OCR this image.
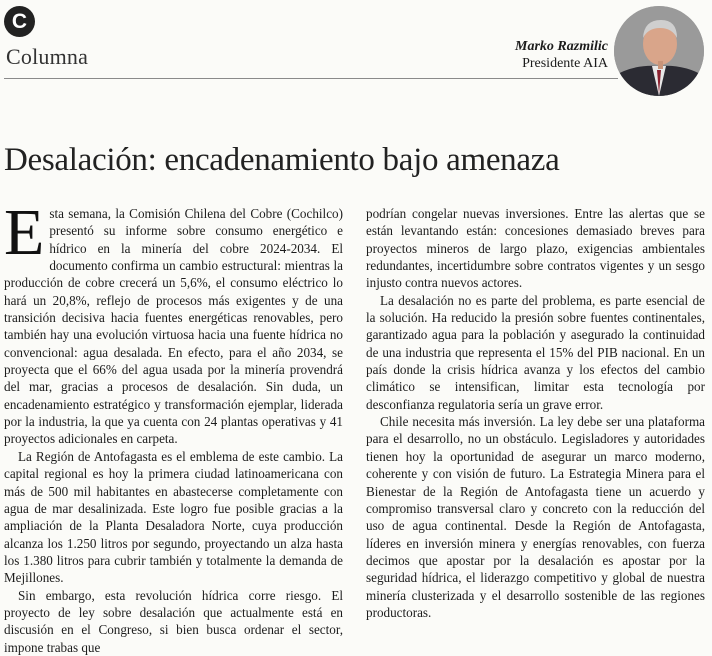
C
Columna	Marko Razmilic
Presidente AIA
Desalación: encadenamiento bajo amenaza

Esta semana, la Comisión Chilena del Cobre (Cochilco) presentó su informe sobre consumo energético e hídrico en la minería del cobre 2024-2034. El documento confirma un cambio estructural: mientras la producción de cobre crecerá un 5,6%, el consumo eléctrico lo hará un 20,8%, reflejo de procesos más exigentes y de una transición decisiva hacia fuentes energéticas renovables, pero también hay una evolución virtuosa hacia una fuente hídrica no convencional: agua desalada. En efecto, para el año 2034, se proyecta que el 66% del agua usada por la minería provendrá del mar, gracias a procesos de desalación. Sin duda, un encadenamiento estratégico y transformación ejemplar, liderada por la industria, la que ya cuenta con 24 plantas operativas y 41 proyectos adicionales en carpeta.

La Región de Antofagasta es el emblema de este cambio. La capital regional es hoy la primera ciudad latinoamericana con más de 500 mil habitantes en abastecerse completamente con agua de mar desalinizada. Este logro fue posible gracias a la ampliación de la Planta Desaladora Norte, cuya producción alcanza los 1.250 litros por segundo, proyectando un alza hasta los 1.380 litros para cubrir también y totalmente la demanda de Mejillones.

Sin embargo, esta revolución hídrica corre riesgo. El proyecto de ley sobre desalación que actualmente está en discusión en el Congreso, si bien busca ordenar el sector, impone trabas que

podrían congelar nuevas inversiones. Entre las alertas que se están levantando están: concesiones demasiado breves para proyectos mineros de largo plazo, exigencias ambientales redundantes, incertidumbre sobre contratos vigentes y un sesgo injusto contra nuevos actores.

La desalación no es parte del problema, es parte esencial de la solución. Ha reducido la presión sobre fuentes continentales, garantizado agua para la población y asegurado la continuidad de una industria que representa el 15% del PIB nacional. En un país donde la crisis hídrica avanza y los efectos del cambio climático se intensifican, limitar esta tecnología por desconfianza regulatoria sería un grave error.

Chile necesita más inversión. La ley debe ser una plataforma para el desarrollo, no un obstáculo. Legisladores y autoridades tienen hoy la oportunidad de asegurar un marco moderno, coherente y con visión de futuro. La Estrategia Minera para el Bienestar de la Región de Antofagasta tiene un acuerdo y compromiso transversal claro y concreto con la reducción del uso de agua continental. Desde la Región de Antofagasta, líderes en inversión minera y energías renovables, con fuerza decimos que apostar por la desalación es apostar por la seguridad hídrica, el liderazgo competitivo y global de nuestra minería clusterizada y el desarrollo sostenible de las regiones productoras.
